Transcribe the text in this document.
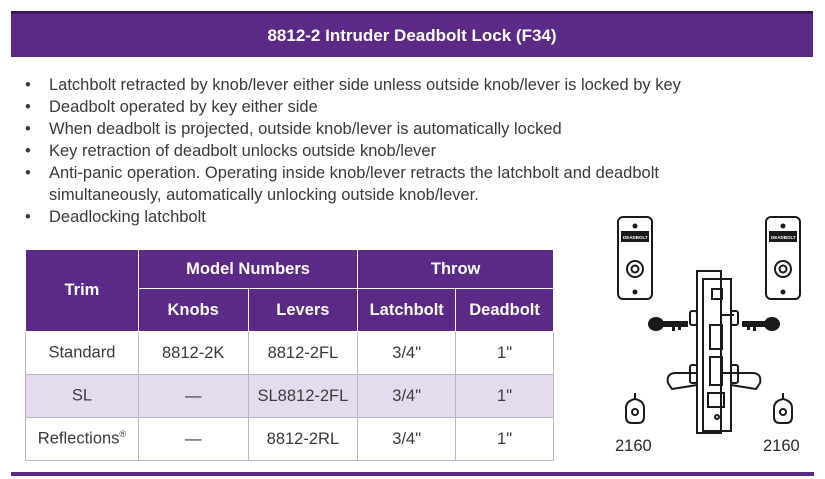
8812-2 Intruder Deadbolt Lock (F34)
• Latchbolt retracted by knob/lever either side unless outside knob/lever is locked by key
• Deadbolt operated by key either side
• When deadbolt is projected, outside knob/lever is automatically locked
• Key retraction of deadbolt unlocks outside knob/lever
• Anti-panic operation. Operating inside knob/lever retracts the latchbolt and deadbolt simultaneously, automatically unlocking outside knob/lever.
• Deadlocking latchbolt
Trim	Model Numbers		Throw	
	Knobs	Levers	Latchbolt	Deadbolt
Standard	8812-2K	8812-2FL	3/4"	1"
SL	—	SL8812-2FL	3/4"	1"
Reflections®	—	8812-2RL	3/4"	1"
DEADBOLT	DEADBOLT
2160	2160
